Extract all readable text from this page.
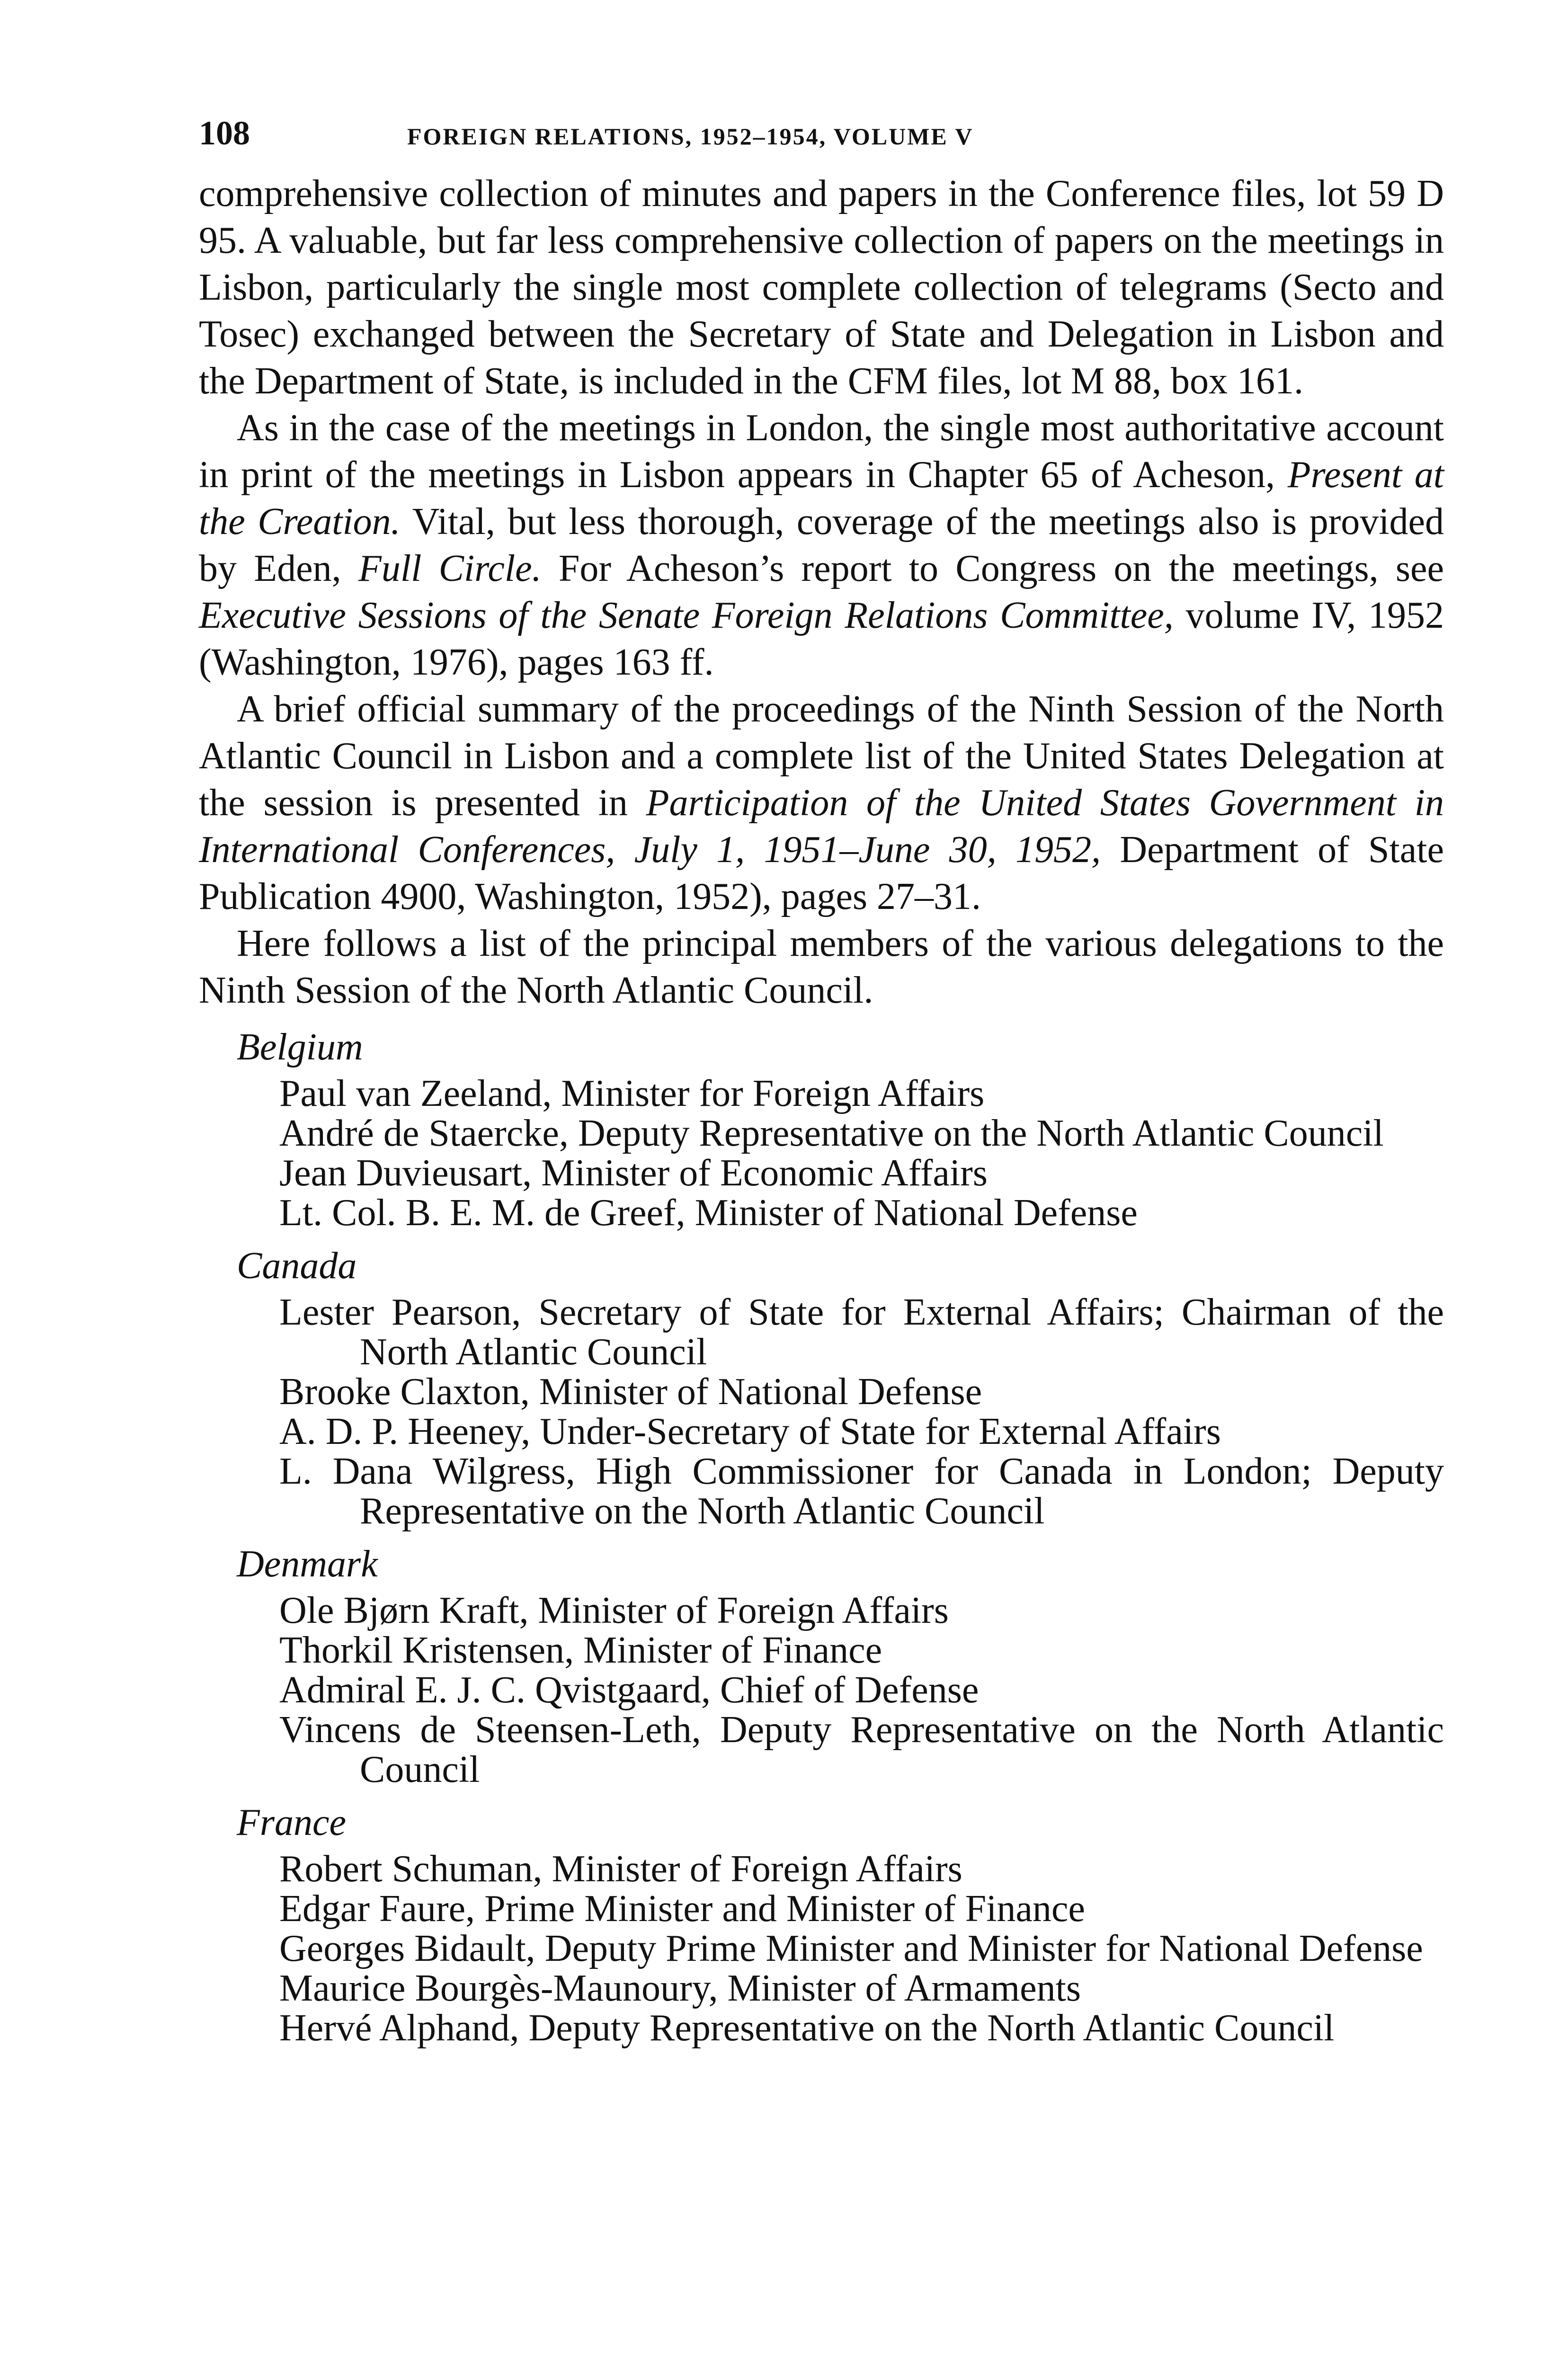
108	FOREIGN RELATIONS, 1952–1954, VOLUME V

comprehensive collection of minutes and papers in the Conference files, lot 59 D 95. A valuable, but far less comprehensive collection of papers on the meetings in Lisbon, particularly the single most complete collection of telegrams (Secto and Tosec) exchanged between the Secretary of State and Delegation in Lisbon and the Department of State, is included in the CFM files, lot M 88, box 161.

As in the case of the meetings in London, the single most authoritative account in print of the meetings in Lisbon appears in Chapter 65 of Acheson, Present at the Creation. Vital, but less thorough, coverage of the meetings also is provided by Eden, Full Circle. For Acheson’s report to Congress on the meetings, see Executive Sessions of the Senate Foreign Relations Committee, volume IV, 1952 (Washington, 1976), pages 163 ff.

A brief official summary of the proceedings of the Ninth Session of the North Atlantic Council in Lisbon and a complete list of the United States Delegation at the session is presented in Participation of the United States Government in International Conferences, July 1, 1951–June 30, 1952, Department of State Publication 4900, Washington, 1952), pages 27–31.

Here follows a list of the principal members of the various delegations to the Ninth Session of the North Atlantic Council.

Belgium
Paul van Zeeland, Minister for Foreign Affairs
André de Staercke, Deputy Representative on the North Atlantic Council
Jean Duvieusart, Minister of Economic Affairs
Lt. Col. B. E. M. de Greef, Minister of National Defense
Canada
Lester Pearson, Secretary of State for External Affairs; Chairman of the North Atlantic Council
Brooke Claxton, Minister of National Defense
A. D. P. Heeney, Under-Secretary of State for External Affairs
L. Dana Wilgress, High Commissioner for Canada in London; Deputy Representative on the North Atlantic Council
Denmark
Ole Bjørn Kraft, Minister of Foreign Affairs
Thorkil Kristensen, Minister of Finance
Admiral E. J. C. Qvistgaard, Chief of Defense
Vincens de Steensen-Leth, Deputy Representative on the North Atlantic Council
France
Robert Schuman, Minister of Foreign Affairs
Edgar Faure, Prime Minister and Minister of Finance
Georges Bidault, Deputy Prime Minister and Minister for National Defense
Maurice Bourgès-Maunoury, Minister of Armaments
Hervé Alphand, Deputy Representative on the North Atlantic Council
